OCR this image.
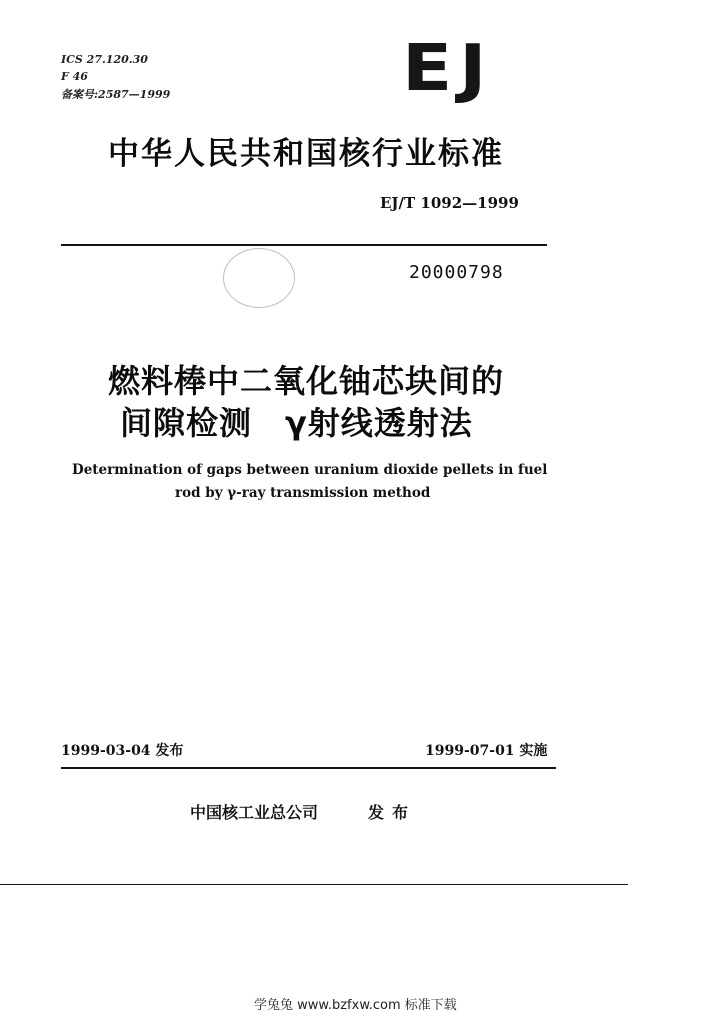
ICS 27.120.30
F 46
备案号:2587—1999	EJ
中华人民共和国核行业标准
EJ/T 1092—1999
20000798
燃料棒中二氧化铀芯块间的
间隙检测　γ射线透射法
Determination of gaps between uranium dioxide pellets in fuel
rod by γ-ray transmission method
1999-03-04 发布	1999-07-01 实施
中国核工业总公司	发布
学兔兔 www.bzfxw.com 标准下载
